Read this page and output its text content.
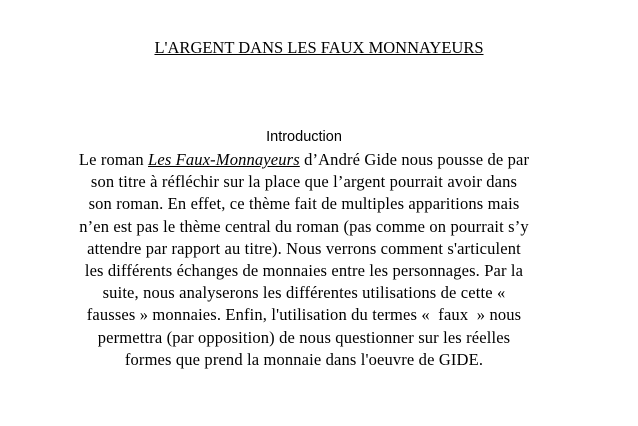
L'ARGENT DANS LES FAUX MONNAYEURS
Introduction
Le roman Les Faux-Monnayeurs d’André Gide nous pousse de par
son titre à réfléchir sur la place que l’argent pourrait avoir dans
son roman. En effet, ce thème fait de multiples apparitions mais
n’en est pas le thème central du roman (pas comme on pourrait s’y
attendre par rapport au titre). Nous verrons comment s'articulent
les différents échanges de monnaies entre les personnages. Par la
suite, nous analyserons les différentes utilisations de cette «
fausses » monnaies. Enfin, l'utilisation du termes «  faux  » nous
permettra (par opposition) de nous questionner sur les réelles
formes que prend la monnaie dans l'oeuvre de GIDE.
